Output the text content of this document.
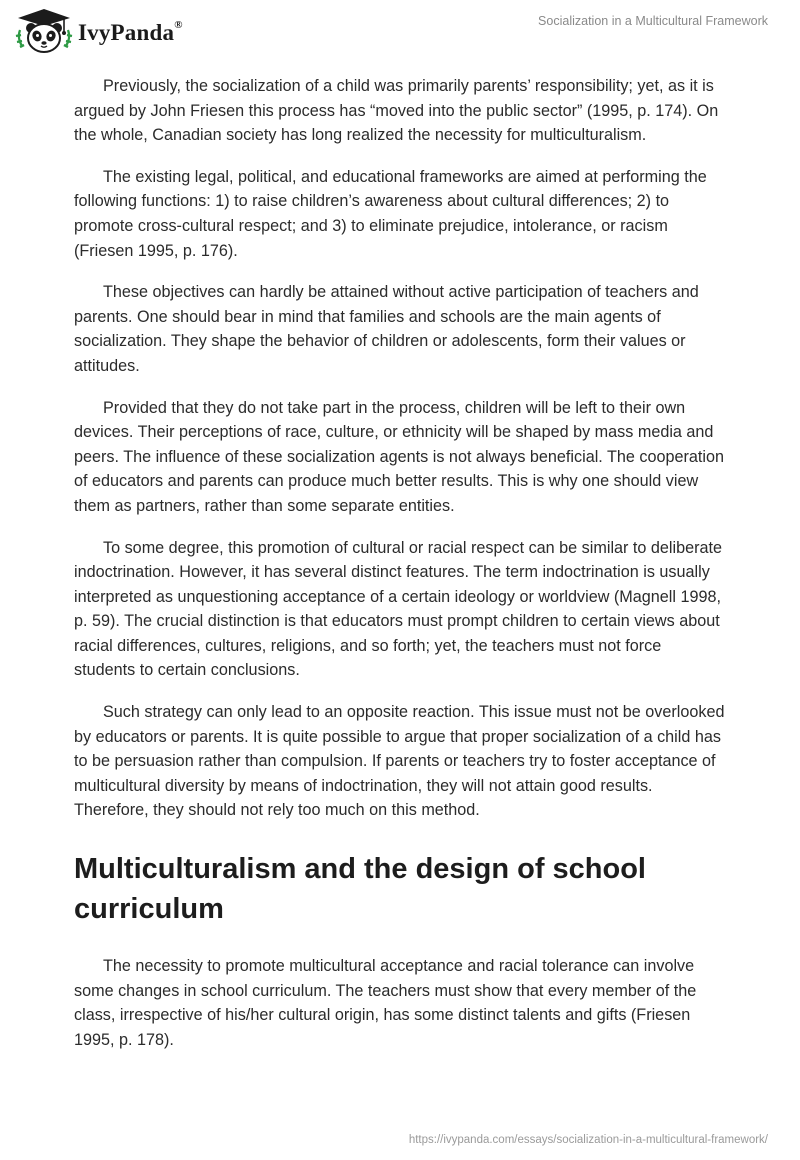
IvyPanda®	Socialization in a Multicultural Framework

Previously, the socialization of a child was primarily parents’ responsibility; yet, as it is argued by John Friesen this process has “moved into the public sector” (1995, p. 174). On the whole, Canadian society has long realized the necessity for multiculturalism.

The existing legal, political, and educational frameworks are aimed at performing the following functions: 1) to raise children’s awareness about cultural differences; 2) to promote cross-cultural respect; and 3) to eliminate prejudice, intolerance, or racism (Friesen 1995, p. 176).

These objectives can hardly be attained without active participation of teachers and parents. One should bear in mind that families and schools are the main agents of socialization. They shape the behavior of children or adolescents, form their values or attitudes.

Provided that they do not take part in the process, children will be left to their own devices. Their perceptions of race, culture, or ethnicity will be shaped by mass media and peers. The influence of these socialization agents is not always beneficial. The cooperation of educators and parents can produce much better results. This is why one should view them as partners, rather than some separate entities.

To some degree, this promotion of cultural or racial respect can be similar to deliberate indoctrination. However, it has several distinct features. The term indoctrination is usually interpreted as unquestioning acceptance of a certain ideology or worldview (Magnell 1998, p. 59). The crucial distinction is that educators must prompt children to certain views about racial differences, cultures, religions, and so forth; yet, the teachers must not force students to certain conclusions.

Such strategy can only lead to an opposite reaction. This issue must not be overlooked by educators or parents. It is quite possible to argue that proper socialization of a child has to be persuasion rather than compulsion. If parents or teachers try to foster acceptance of multicultural diversity by means of indoctrination, they will not attain good results. Therefore, they should not rely too much on this method.

Multiculturalism and the design of school curriculum

The necessity to promote multicultural acceptance and racial tolerance can involve some changes in school curriculum. The teachers must show that every member of the class, irrespective of his/her cultural origin, has some distinct talents and gifts (Friesen 1995, p. 178).

https://ivypanda.com/essays/socialization-in-a-multicultural-framework/
